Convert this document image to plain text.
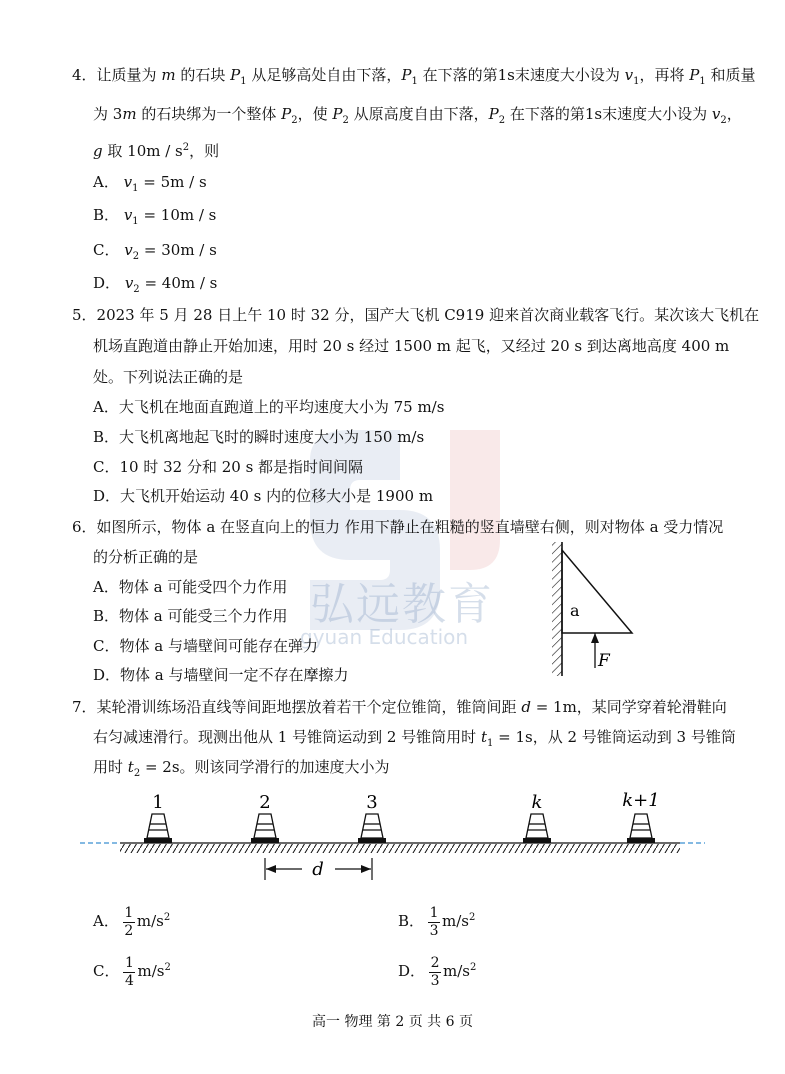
弘远教育
gyuan Education
4．让质量为 m 的石块 $P_1$ 从足够高处自由下落，$P_1$ 在下落的第1s末速度大小设为 $v_1$，再将 $P_1$ 和质量
为 3m 的石块绑为一个整体 $P_2$，使 $P_2$ 从原高度自由下落，$P_2$ 在下落的第1s末速度大小设为 $v_2$，
g 取 $10m / s^2$，则
A． $v_1 = 5m / s$
B． $v_1 = 10m / s$
C． $v_2 = 30m / s$
D． $v_2 = 40m / s$
5．2023 年 5 月 28 日上午 10 时 32 分，国产大飞机 C919 迎来首次商业载客飞行。某次该大飞机在
机场直跑道由静止开始加速，用时 20 s 经过 1500 m 起飞，又经过 20 s 到达离地高度 400 m
处。下列说法正确的是
A．大飞机在地面直跑道上的平均速度大小为 75 m/s
B．大飞机离地起飞时的瞬时速度大小为 150 m/s
C．10 时 32 分和 20 s 都是指时间间隔
D．大飞机开始运动 40 s 内的位移大小是 1900 m
6．如图所示，物体 a 在竖直向上的恒力 作用下静止在粗糙的竖直墙壁右侧，则对物体 a 受力情况
的分析正确的是
A．物体 a 可能受四个力作用
B．物体 a 可能受三个力作用
C．物体 a 与墙壁间可能存在弹力
D．物体 a 与墙壁间一定不存在摩擦力
a
F
7．某轮滑训练场沿直线等间距地摆放着若干个定位锥筒，锥筒间距 d = 1m，某同学穿着轮滑鞋向
右匀减速滑行。现测出他从 1 号锥筒运动到 2 号锥筒用时 $t_1 = 1s$，从 2 号锥筒运动到 3 号锥筒
用时 $t_2 = 2s$。则该同学滑行的加速度大小为
1	2	3	k	k+1
d
A． $\frac{1}{2} m/s^2$	B． $\frac{1}{3} m/s^2$
C． $\frac{1}{4} m/s^2$	D． $\frac{2}{3} m/s^2$
高一 物理 第 2 页 共 6 页
